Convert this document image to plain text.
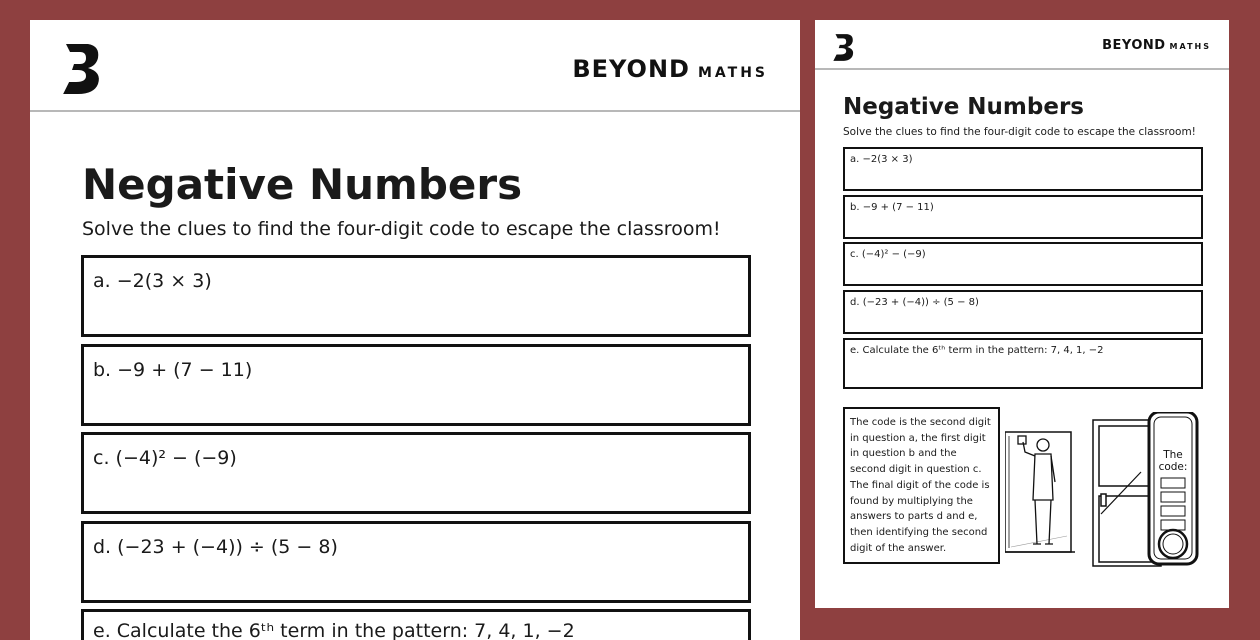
BEYOND MATHS
Negative Numbers

Solve the clues to find the four-digit code to escape the classroom!

a. −2(3 × 3)
b. −9 + (7 − 11)
c. (−4)² − (−9)
d. (−23 + (−4)) ÷ (5 − 8)
e. Calculate the 6ᵗʰ term in the pattern: 7, 4, 1, −2
BEYOND MATHS
Negative Numbers

Solve the clues to find the four-digit code to escape the classroom!

a. −2(3 × 3)
b. −9 + (7 − 11)
c. (−4)² − (−9)
d. (−23 + (−4)) ÷ (5 − 8)
e. Calculate the 6ᵗʰ term in the pattern: 7, 4, 1, −2
The code is the second digit in question a, the first digit in question b and the second digit in question c. The final digit of the code is found by multiplying the answers to parts d and e, then identifying the second digit of the answer.
The
code:
